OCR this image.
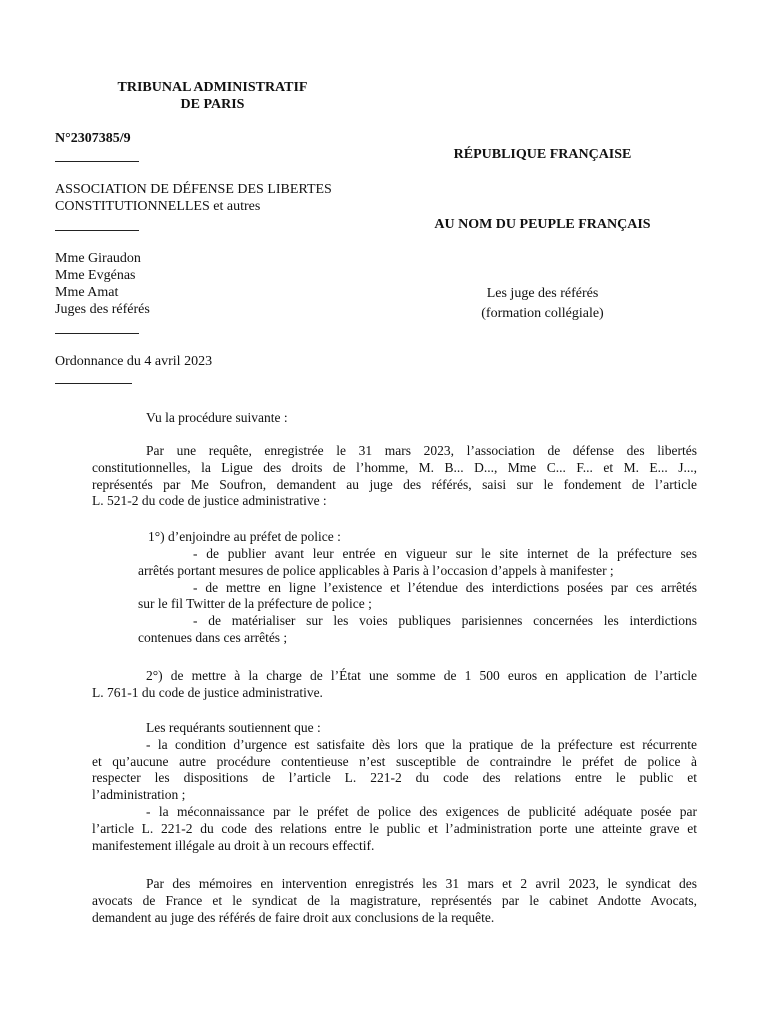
TRIBUNAL ADMINISTRATIF
DE PARIS
N°2307385/9
ASSOCIATION DE DÉFENSE DES LIBERTES
CONSTITUTIONNELLES et autres
Mme Giraudon
Mme Evgénas
Mme Amat
Juges des référés
Ordonnance du 4 avril 2023
RÉPUBLIQUE FRANÇAISE
AU NOM DU PEUPLE FRANÇAIS
Les juge des référés
(formation collégiale)
Vu la procédure suivante :
Par une requête, enregistrée le 31 mars 2023, l’association de défense des libertés
constitutionnelles, la Ligue des droits de l’homme, M. B... D..., Mme C... F... et M. E... J...,
représentés par Me Soufron, demandent au juge des référés, saisi sur le fondement de l’article
L. 521-2 du code de justice administrative :
1°) d’enjoindre au préfet de police :
- de publier avant leur entrée en vigueur sur le site internet de la préfecture ses
arrêtés portant mesures de police applicables à Paris à l’occasion d’appels à manifester ;
- de mettre en ligne l’existence et l’étendue des interdictions posées par ces arrêtés
sur le fil Twitter de la préfecture de police ;
- de matérialiser sur les voies publiques parisiennes concernées les interdictions
contenues dans ces arrêtés ;
2°) de mettre à la charge de l’État une somme de 1 500 euros en application de l’article
L. 761-1 du code de justice administrative.
Les requérants soutiennent que :
- la condition d’urgence est satisfaite dès lors que la pratique de la préfecture est récurrente
et qu’aucune autre procédure contentieuse n’est susceptible de contraindre le préfet de police à
respecter les dispositions de l’article L. 221-2 du code des relations entre le public et
l’administration ;
- la méconnaissance par le préfet de police des exigences de publicité adéquate posée par
l’article L. 221-2 du code des relations entre le public et l’administration porte une atteinte grave et
manifestement illégale au droit à un recours effectif.
Par des mémoires en intervention enregistrés les 31 mars et 2 avril 2023, le syndicat des
avocats de France et le syndicat de la magistrature, représentés par le cabinet Andotte Avocats,
demandent au juge des référés de faire droit aux conclusions de la requête.
